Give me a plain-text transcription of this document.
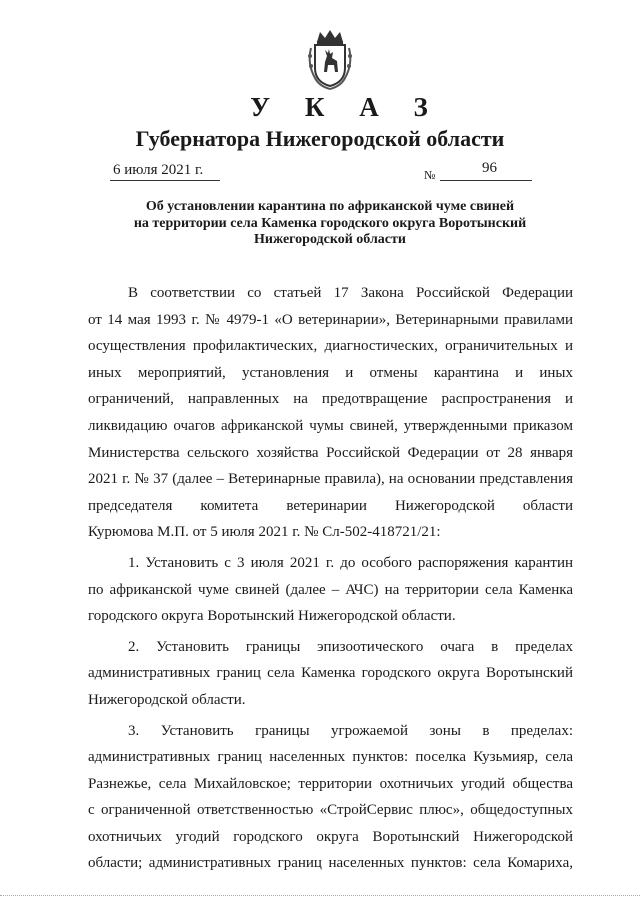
У К А З
Губернатора Нижегородской области
6 июля 2021 г.	№	96
Об установлении карантина по африканской чуме свиней
на территории села Каменка городского округа Воротынский
Нижегородской области
В соответствии со статьей 17 Закона Российской Федерации
от 14 мая 1993 г. № 4979-1 «О ветеринарии», Ветеринарными правилами
осуществления профилактических, диагностических, ограничительных и
иных мероприятий, установления и отмены карантина и иных
ограничений, направленных на предотвращение распространения и
ликвидацию очагов африканской чумы свиней, утвержденными приказом
Министерства сельского хозяйства Российской Федерации от 28 января
2021 г. № 37 (далее – Ветеринарные правила), на основании представления
председателя комитета ветеринарии Нижегородской области
Курюмова М.П. от 5 июля 2021 г. № Сл-502-418721/21:
1. Установить с 3 июля 2021 г. до особого распоряжения карантин
по африканской чуме свиней (далее – АЧС) на территории села Каменка
городского округа Воротынский Нижегородской области.
2. Установить границы эпизоотического очага в пределах
административных границ села Каменка городского округа Воротынский
Нижегородской области.
3. Установить границы угрожаемой зоны в пределах:
административных границ населенных пунктов: поселка Кузьмияр, села
Разнежье, села Михайловское; территории охотничьих угодий общества
с ограниченной ответственностью «СтройСервис плюс», общедоступных
охотничьих угодий городского округа Воротынский Нижегородской
области; административных границ населенных пунктов: села Комариха,
